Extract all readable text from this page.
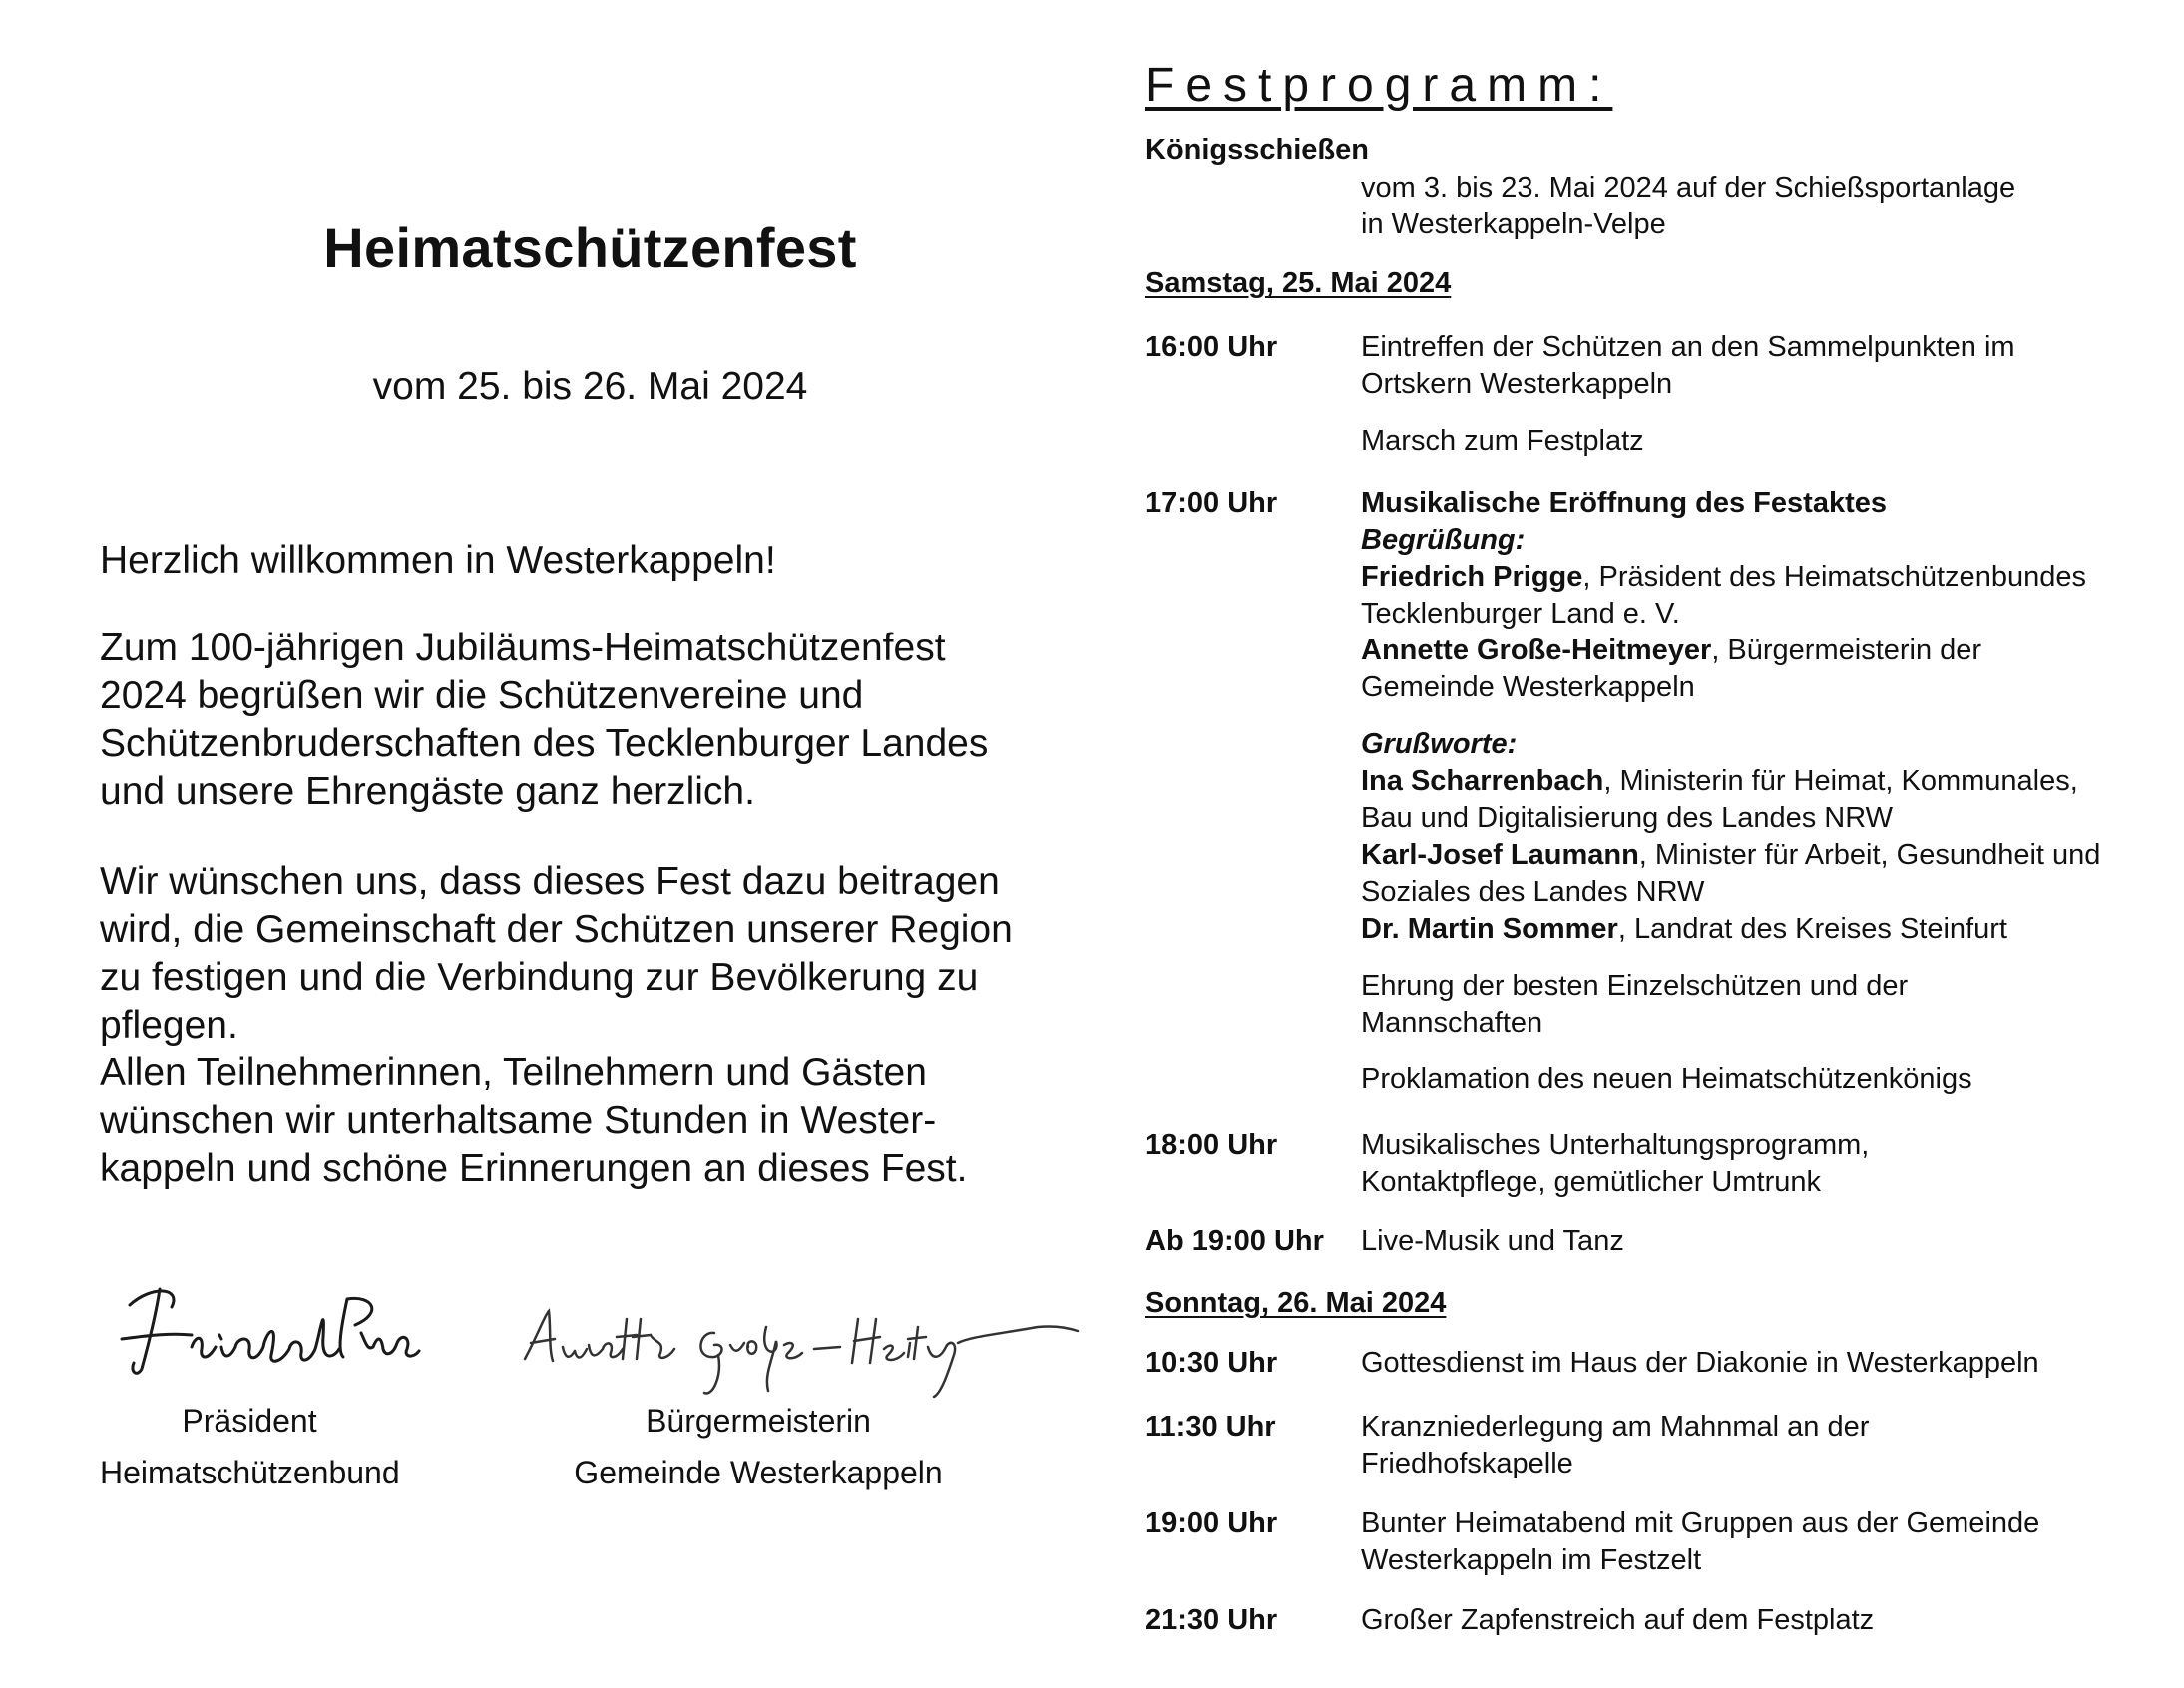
Heimatschützenfest
vom 25. bis 26. Mai 2024
Herzlich willkommen in Westerkappeln!
Zum 100-jährigen Jubiläums-Heimatschützenfest
2024 begrüßen wir die Schützenvereine und
Schützenbruderschaften des Tecklenburger Landes
und unsere Ehrengäste ganz herzlich.
Wir wünschen uns, dass dieses Fest dazu beitragen
wird, die Gemeinschaft der Schützen unserer Region
zu festigen und die Verbindung zur Bevölkerung zu
pflegen.
Allen Teilnehmerinnen, Teilnehmern und Gästen
wünschen wir unterhaltsame Stunden in Wester-
kappeln und schöne Erinnerungen an dieses Fest.
Präsident
Heimatschützenbund
Bürgermeisterin
Gemeinde Westerkappeln
Festprogramm:
Königsschießen
vom 3. bis 23. Mai 2024 auf der Schießsportanlage
in Westerkappeln-Velpe
Samstag, 25. Mai 2024
16:00 Uhr	Eintreffen der Schützen an den Sammelpunkten im
Ortskern Westerkappeln
Marsch zum Festplatz
17:00 Uhr	Musikalische Eröffnung des Festaktes
Begrüßung:
Friedrich Prigge, Präsident des Heimatschützenbundes
Tecklenburger Land e. V.
Annette Große-Heitmeyer, Bürgermeisterin der
Gemeinde Westerkappeln
Grußworte:
Ina Scharrenbach, Ministerin für Heimat, Kommunales,
Bau und Digitalisierung des Landes NRW
Karl-Josef Laumann, Minister für Arbeit, Gesundheit und
Soziales des Landes NRW
Dr. Martin Sommer, Landrat des Kreises Steinfurt
Ehrung der besten Einzelschützen und der
Mannschaften
Proklamation des neuen Heimatschützenkönigs
18:00 Uhr	Musikalisches Unterhaltungsprogramm,
Kontaktpflege, gemütlicher Umtrunk
Ab 19:00 Uhr Live-Musik und Tanz
Sonntag, 26. Mai 2024
10:30 Uhr	Gottesdienst im Haus der Diakonie in Westerkappeln
11:30 Uhr	Kranzniederlegung am Mahnmal an der
Friedhofskapelle
19:00 Uhr	Bunter Heimatabend mit Gruppen aus der Gemeinde
Westerkappeln im Festzelt
21:30 Uhr	Großer Zapfenstreich auf dem Festplatz
